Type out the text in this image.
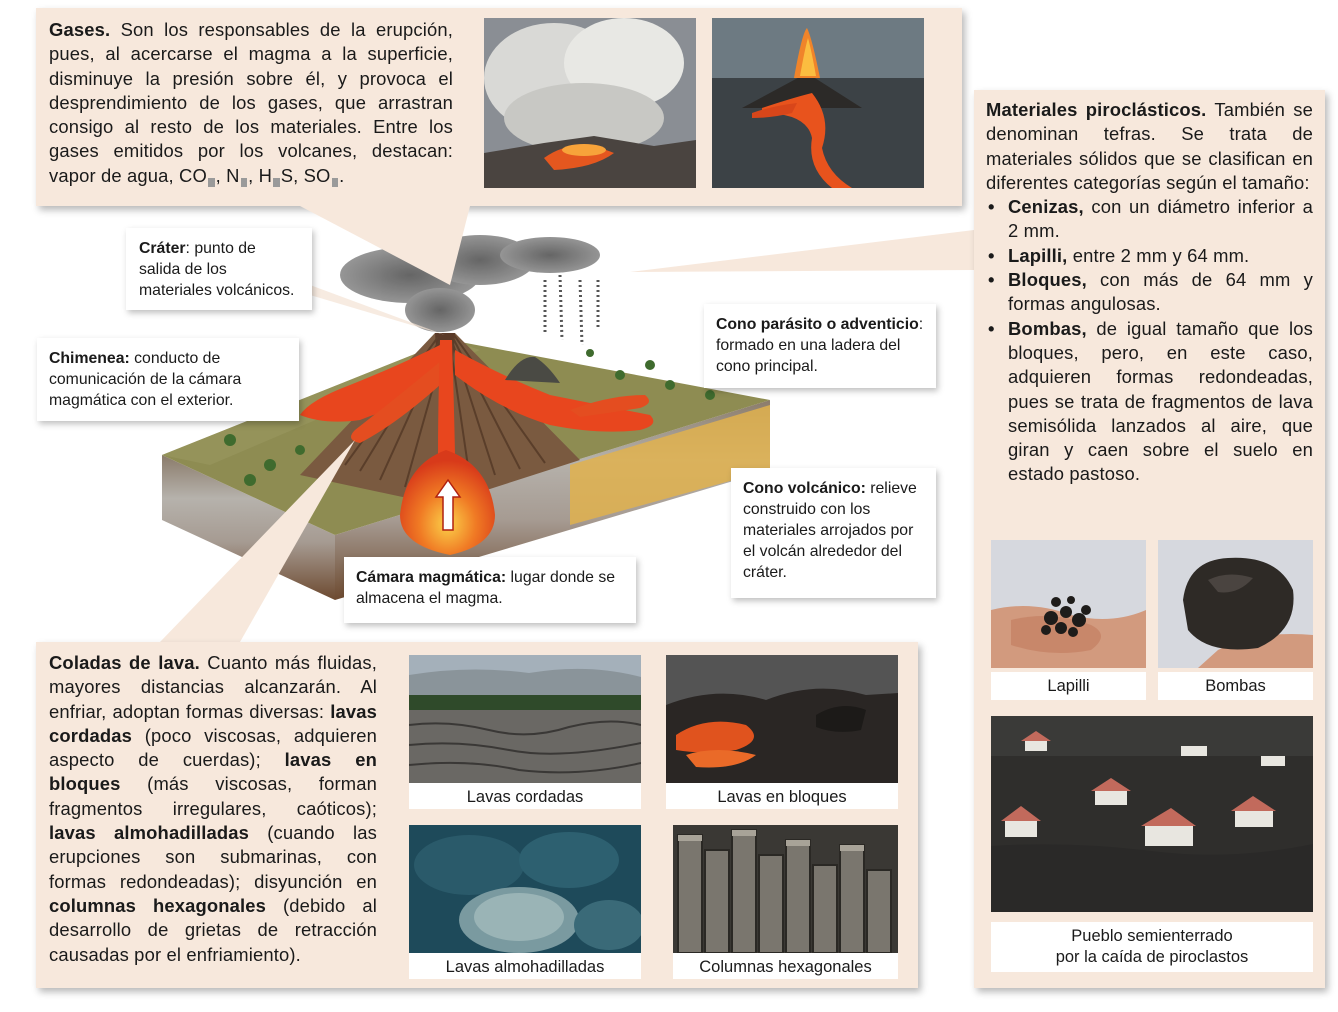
Gases. Son los responsables de la erupción, pues, al acercarse el magma a la superficie, disminuye la presión sobre él, y provoca el desprendimiento de los gases, que arrastran consigo al resto de los materiales. Entre los gases emitidos por los volcanes, destacan: vapor de agua, CO $_2$ , N $_2$ , H $_2$ S, SO $_2$ .
Cráter: punto de salida de los materiales volcánicos.
Chimenea: conducto de comunicación de la cámara magmática con el exterior.
Cono parásito o adventicio: formado en una ladera del cono principal.
Cono volcánico: relieve construido con los materiales arrojados por el volcán alrededor del cráter.
Cámara magmática: lugar donde se almacena el magma.
Materiales piroclásticos. También se denominan tefras. Se trata de materiales sólidos que se clasifican en diferentes categorías según el tamaño:
• Cenizas, con un diámetro inferior a 2 mm.
• Lapilli, entre 2 mm y 64 mm.
• Bloques, con más de 64 mm y formas angulosas.
• Bombas, de igual tamaño que los bloques, pero, en este caso, adquieren formas redondeadas, pues se trata de fragmentos de lava semisólida lanzados al aire, que giran y caen sobre el suelo en estado pastoso.
Lapilli	Bombas
Pueblo semienterrado
por la caída de piroclastos
Coladas de lava. Cuanto más fluidas, mayores distancias alcanzarán. Al enfriar, adoptan formas diversas: lavas cordadas (poco viscosas, adquieren aspecto de cuerdas); lavas en bloques (más viscosas, forman fragmentos irregulares, caóticos); lavas almohadilladas (cuando las erupciones son submarinas, con formas redondeadas); disyunción en columnas hexagonales (debido al desarrollo de grietas de retracción causadas por el enfriamiento).
Lavas cordadas	Lavas en bloques
Lavas almohadilladas	Columnas hexagonales
